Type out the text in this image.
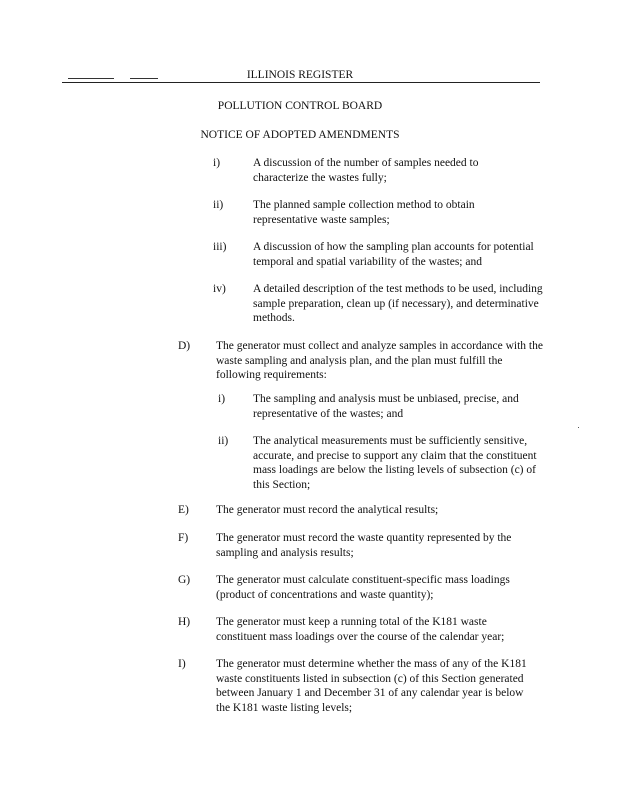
ILLINOIS REGISTER
POLLUTION CONTROL BOARD
NOTICE OF ADOPTED AMENDMENTS
i)	A discussion of the number of samples needed to characterize the wastes fully;
ii)	The planned sample collection method to obtain representative waste samples;
iii)	A discussion of how the sampling plan accounts for potential temporal and spatial variability of the wastes; and
iv)	A detailed description of the test methods to be used, including sample preparation, clean up (if necessary), and determinative methods.
D)	The generator must collect and analyze samples in accordance with the waste sampling and analysis plan, and the plan must fulfill the following requirements:
i)	The sampling and analysis must be unbiased, precise, and representative of the wastes; and
ii)	The analytical measurements must be sufficiently sensitive, accurate, and precise to support any claim that the constituent mass loadings are below the listing levels of subsection (c) of this Section;
E)	The generator must record the analytical results;
F)	The generator must record the waste quantity represented by the sampling and analysis results;
G)	The generator must calculate constituent-specific mass loadings (product of concentrations and waste quantity);
H)	The generator must keep a running total of the K181 waste constituent mass loadings over the course of the calendar year;
I)	The generator must determine whether the mass of any of the K181 waste constituents listed in subsection (c) of this Section generated between January 1 and December 31 of any calendar year is below the K181 waste listing levels;
